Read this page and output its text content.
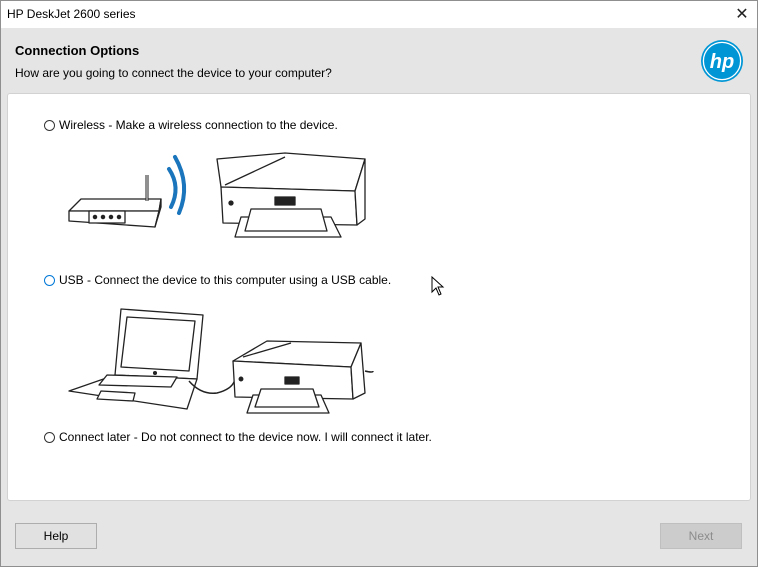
HP DeskJet 2600 series	✕
Connection Options
How are you going to connect the device to your computer?	hp
Wireless - Make a wireless connection to the device.
USB - Connect the device to this computer using a USB cable.
Connect later - Do not connect to the device now. I will connect it later.
Help	Next
